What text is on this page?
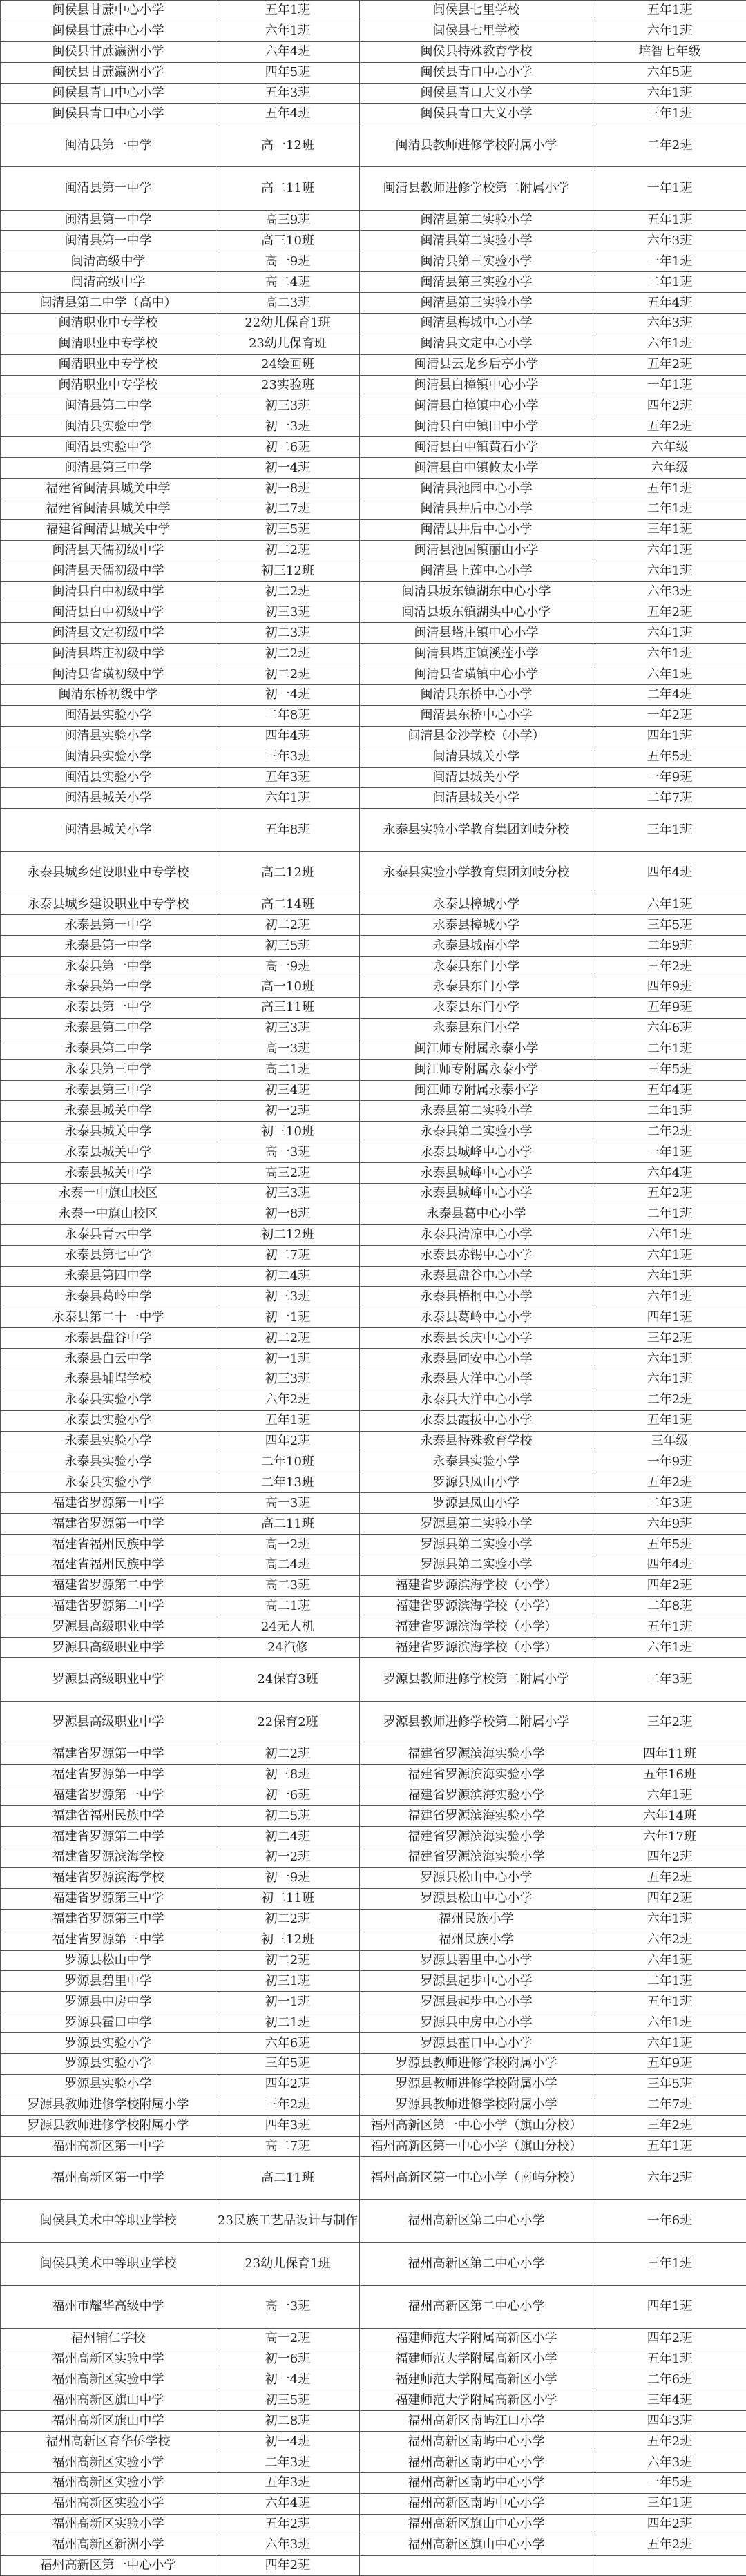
闽侯县甘蔗中心小学	五年1班	闽侯县七里学校	五年1班
闽侯县甘蔗中心小学	六年1班	闽侯县七里学校	六年1班
闽侯县甘蔗瀛洲小学	六年4班	闽侯县特殊教育学校	培智七年级
闽侯县甘蔗瀛洲小学	四年5班	闽侯县青口中心小学	六年5班
闽侯县青口中心小学	五年3班	闽侯县青口大义小学	六年1班
闽侯县青口中心小学	五年4班	闽侯县青口大义小学	三年1班
闽清县第一中学	高一12班	闽清县教师进修学校附属小学	二年2班
闽清县第一中学	高二11班	闽清县教师进修学校第二附属小学	一年1班
闽清县第一中学	高三9班	闽清县第二实验小学	五年1班
闽清县第一中学	高三10班	闽清县第二实验小学	六年3班
闽清高级中学	高一9班	闽清县第三实验小学	一年1班
闽清高级中学	高二4班	闽清县第三实验小学	二年1班
闽清县第二中学（高中）	高二3班	闽清县第三实验小学	五年4班
闽清职业中专学校	22幼儿保育1班	闽清县梅城中心小学	六年3班
闽清职业中专学校	23幼儿保育班	闽清县文定中心小学	六年1班
闽清职业中专学校	24绘画班	闽清县云龙乡后亭小学	五年2班
闽清职业中专学校	23实验班	闽清县白樟镇中心小学	一年1班
闽清县第二中学	初三3班	闽清县白樟镇中心小学	四年2班
闽清县实验中学	初一3班	闽清县白中镇田中小学	五年2班
闽清县实验中学	初二6班	闽清县白中镇黄石小学	六年级
闽清县第三中学	初一4班	闽清县白中镇攸太小学	六年级
福建省闽清县城关中学	初一8班	闽清县池园中心小学	五年1班
福建省闽清县城关中学	初二7班	闽清县井后中心小学	二年1班
福建省闽清县城关中学	初三5班	闽清县井后中心小学	三年1班
闽清县天儒初级中学	初二2班	闽清县池园镇丽山小学	六年1班
闽清县天儒初级中学	初三12班	闽清县上莲中心小学	六年1班
闽清县白中初级中学	初二2班	闽清县坂东镇湖东中心小学	六年3班
闽清县白中初级中学	初三3班	闽清县坂东镇湖头中心小学	五年2班
闽清县文定初级中学	初二3班	闽清县塔庄镇中心小学	六年1班
闽清县塔庄初级中学	初二2班	闽清县塔庄镇溪莲小学	六年1班
闽清县省璜初级中学	初二2班	闽清县省璜镇中心小学	六年1班
闽清东桥初级中学	初一4班	闽清县东桥中心小学	二年4班
闽清县实验小学	二年8班	闽清县东桥中心小学	一年2班
闽清县实验小学	四年4班	闽清县金沙学校（小学）	四年1班
闽清县实验小学	三年3班	闽清县城关小学	五年5班
闽清县实验小学	五年3班	闽清县城关小学	一年9班
闽清县城关小学	六年1班	闽清县城关小学	二年7班
闽清县城关小学	五年8班	永泰县实验小学教育集团刘岐分校	三年1班
永泰县城乡建设职业中专学校	高二12班	永泰县实验小学教育集团刘岐分校	四年4班
永泰县城乡建设职业中专学校	高二14班	永泰县樟城小学	六年1班
永泰县第一中学	初二2班	永泰县樟城小学	三年5班
永泰县第一中学	初三5班	永泰县城南小学	二年9班
永泰县第一中学	高一9班	永泰县东门小学	三年2班
永泰县第一中学	高一10班	永泰县东门小学	四年9班
永泰县第一中学	高三11班	永泰县东门小学	五年9班
永泰县第二中学	初三3班	永泰县东门小学	六年6班
永泰县第二中学	高一3班	闽江师专附属永泰小学	二年1班
永泰县第三中学	高二1班	闽江师专附属永泰小学	三年5班
永泰县第三中学	初三4班	闽江师专附属永泰小学	五年4班
永泰县城关中学	初一2班	永泰县第二实验小学	二年1班
永泰县城关中学	初三10班	永泰县第二实验小学	二年2班
永泰县城关中学	高一3班	永泰县城峰中心小学	一年1班
永泰县城关中学	高三2班	永泰县城峰中心小学	六年4班
永泰一中旗山校区	初三3班	永泰县城峰中心小学	五年2班
永泰一中旗山校区	初一8班	永泰县葛中心小学	二年1班
永泰县青云中学	初二12班	永泰县清凉中心小学	六年1班
永泰县第七中学	初二7班	永泰县赤锡中心小学	六年1班
永泰县第四中学	初二4班	永泰县盘谷中心小学	六年1班
永泰县葛岭中学	初三3班	永泰县梧桐中心小学	六年1班
永泰县第二十一中学	初一1班	永泰县葛岭中心小学	四年1班
永泰县盘谷中学	初二2班	永泰县长庆中心小学	三年2班
永泰县白云中学	初一1班	永泰县同安中心小学	六年1班
永泰县埔埕学校	初三3班	永泰县大洋中心小学	六年1班
永泰县实验小学	六年2班	永泰县大洋中心小学	二年2班
永泰县实验小学	五年1班	永泰县霞拔中心小学	五年1班
永泰县实验小学	四年2班	永泰县特殊教育学校	三年级
永泰县实验小学	二年10班	永泰县实验小学	一年9班
永泰县实验小学	二年13班	罗源县凤山小学	五年2班
福建省罗源第一中学	高一3班	罗源县凤山小学	二年3班
福建省罗源第一中学	高二11班	罗源县第二实验小学	六年9班
福建省福州民族中学	高一2班	罗源县第二实验小学	五年5班
福建省福州民族中学	高二4班	罗源县第二实验小学	四年4班
福建省罗源第二中学	高二3班	福建省罗源滨海学校（小学）	四年2班
福建省罗源第二中学	高二1班	福建省罗源滨海学校（小学）	二年8班
罗源县高级职业中学	24无人机	福建省罗源滨海学校（小学）	五年1班
罗源县高级职业中学	24汽修	福建省罗源滨海学校（小学）	六年1班
罗源县高级职业中学	24保育3班	罗源县教师进修学校第二附属小学	二年3班
罗源县高级职业中学	22保育2班	罗源县教师进修学校第二附属小学	三年2班
福建省罗源第一中学	初二2班	福建省罗源滨海实验小学	四年11班
福建省罗源第一中学	初三8班	福建省罗源滨海实验小学	五年16班
福建省罗源第一中学	初一6班	福建省罗源滨海实验小学	六年1班
福建省福州民族中学	初二5班	福建省罗源滨海实验小学	六年14班
福建省罗源第二中学	初二4班	福建省罗源滨海实验小学	六年17班
福建省罗源滨海学校	初一2班	福建省罗源滨海实验小学	四年2班
福建省罗源滨海学校	初一9班	罗源县松山中心小学	五年2班
福建省罗源第三中学	初二11班	罗源县松山中心小学	四年2班
福建省罗源第三中学	初二2班	福州民族小学	六年1班
福建省罗源第三中学	初三12班	福州民族小学	六年2班
罗源县松山中学	初二2班	罗源县碧里中心小学	六年1班
罗源县碧里中学	初三1班	罗源县起步中心小学	二年1班
罗源县中房中学	初一1班	罗源县起步中心小学	五年1班
罗源县霍口中学	初二1班	罗源县中房中心小学	六年1班
罗源县实验小学	六年6班	罗源县霍口中心小学	六年1班
罗源县实验小学	三年5班	罗源县教师进修学校附属小学	五年9班
罗源县实验小学	四年2班	罗源县教师进修学校附属小学	三年5班
罗源县教师进修学校附属小学	三年2班	罗源县教师进修学校附属小学	二年7班
罗源县教师进修学校附属小学	四年3班	福州高新区第一中心小学（旗山分校）	三年2班
福州高新区第一中学	高二7班	福州高新区第一中心小学（旗山分校）	五年1班
福州高新区第一中学	高二11班	福州高新区第一中心小学（南屿分校）	六年2班
闽侯县美术中等职业学校	23民族工艺品设计与制作	福州高新区第二中心小学	一年6班
闽侯县美术中等职业学校	23幼儿保育1班	福州高新区第二中心小学	三年1班
福州市耀华高级中学	高一3班	福州高新区第二中心小学	四年1班
福州辅仁学校	高一2班	福建师范大学附属高新区小学	四年2班
福州高新区实验中学	初一6班	福建师范大学附属高新区小学	五年1班
福州高新区实验中学	初一4班	福建师范大学附属高新区小学	二年6班
福州高新区旗山中学	初三5班	福建师范大学附属高新区小学	三年4班
福州高新区旗山中学	初二8班	福州高新区南屿江口小学	四年3班
福州高新区育华侨学校	初一4班	福州高新区南屿中心小学	五年2班
福州高新区实验小学	二年3班	福州高新区南屿中心小学	六年3班
福州高新区实验小学	五年3班	福州高新区南屿中心小学	一年5班
福州高新区实验小学	六年4班	福州高新区南屿中心小学	三年1班
福州高新区实验小学	五年2班	福州高新区旗山中心小学	四年2班
福州高新区新洲小学	六年3班	福州高新区旗山中心小学	五年2班
福州高新区第一中心小学	四年2班		
